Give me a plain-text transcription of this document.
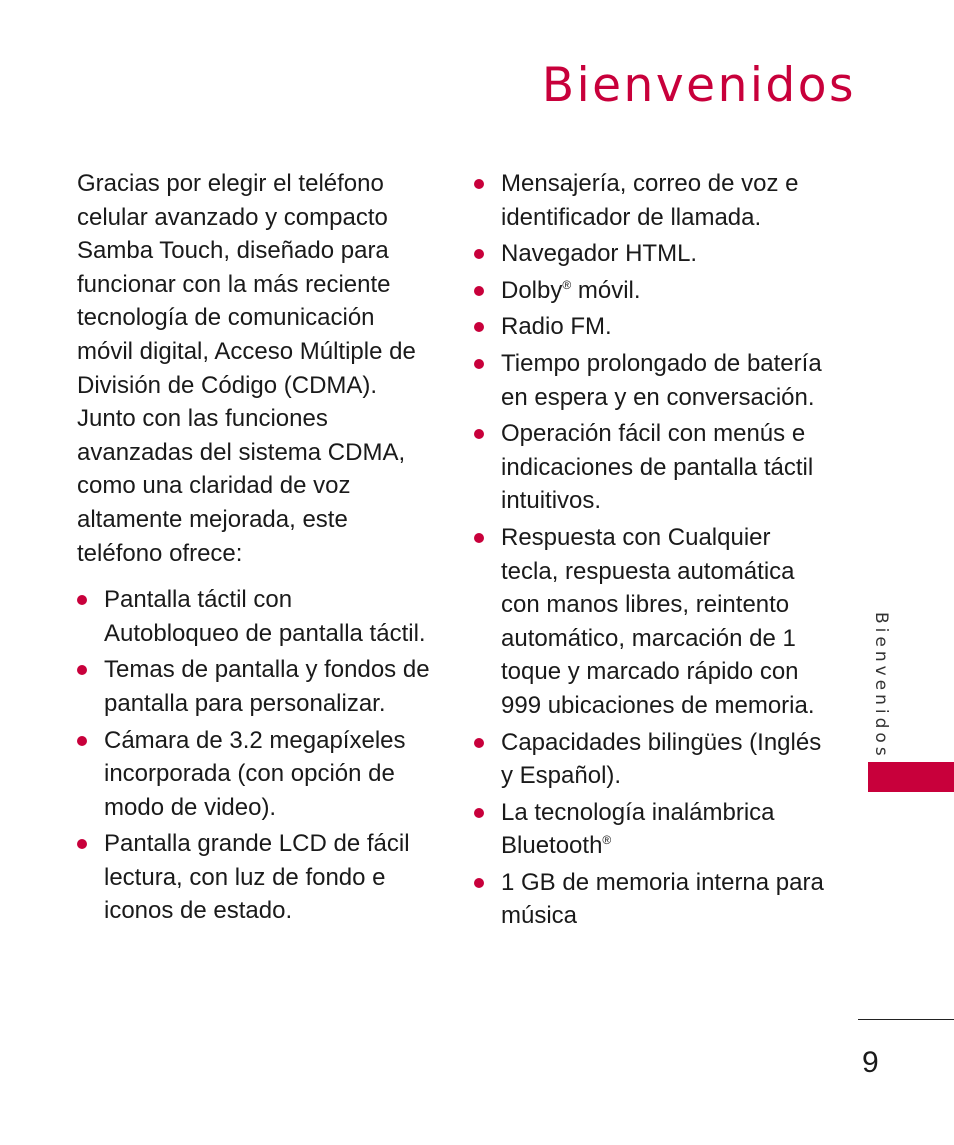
Bienvenidos

Gracias por elegir el teléfono celular avanzado y compacto Samba Touch, diseñado para funcionar con la más reciente tecnología de comunicación móvil digital, Acceso Múltiple de División de Código (CDMA). Junto con las funciones avanzadas del sistema CDMA, como una claridad de voz altamente mejorada, este teléfono ofrece:

Pantalla táctil con Autobloqueo de pantalla táctil.
Temas de pantalla y fondos de pantalla para personalizar.
Cámara de 3.2 megapíxeles incorporada (con opción de modo de video).
Pantalla grande LCD de fácil lectura, con luz de fondo e iconos de estado.
Mensajería, correo de voz e identificador de llamada.
Navegador HTML.
Dolby® móvil.
Radio FM.
Tiempo prolongado de batería en espera y en conversación.
Operación fácil con menús e indicaciones de pantalla táctil intuitivos.
Respuesta con Cualquier tecla, respuesta automática con manos libres, reintento automático, marcación de 1 toque y marcado rápido con 999 ubicaciones de memoria.
Capacidades bilingües (Inglés y Español).
La tecnología inalámbrica Bluetooth®
1 GB de memoria interna para música
Bienvenidos
9
